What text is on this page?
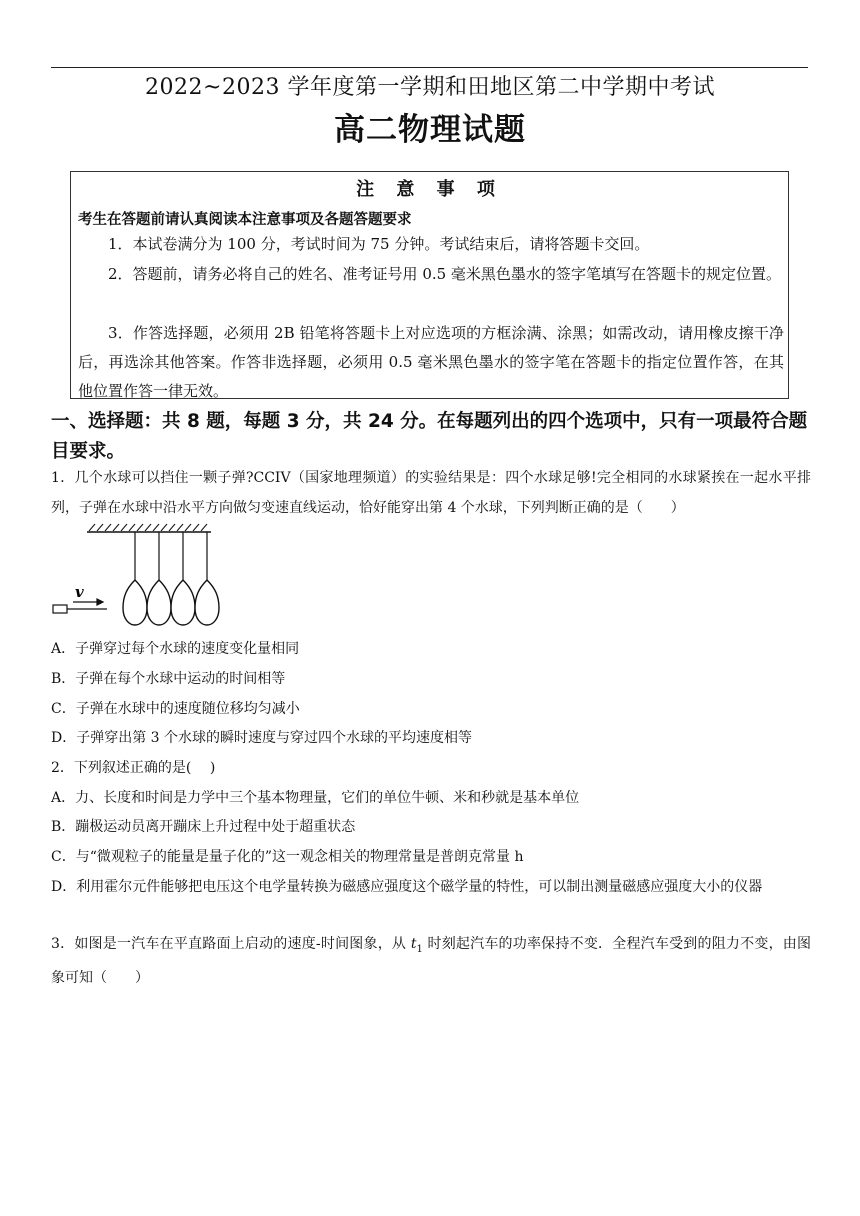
2022~2023 学年度第一学期和田地区第二中学期中考试
高二物理试题
注 意 事 项
考生在答题前请认真阅读本注意事项及各题答题要求
1．本试卷满分为 100 分，考试时间为 75 分钟。考试结束后，请将答题卡交回。
2．答题前，请务必将自己的姓名、准考证号用 0.5 毫米黑色墨水的签字笔填写在答题卡的规定位置。
3．作答选择题，必须用 2B 铅笔将答题卡上对应选项的方框涂满、涂黑；如需改动，请用橡皮擦干净后，再选涂其他答案。作答非选择题，必须用 0.5 毫米黑色墨水的签字笔在答题卡的指定位置作答，在其他位置作答一律无效。
一、选择题：共 8 题，每题 3 分，共 24 分。在每题列出的四个选项中，只有一项最符合题目要求。
1．几个水球可以挡住一颗子弹?CCIV（国家地理频道）的实验结果是：四个水球足够!完全相同的水球紧挨在一起水平排列，子弹在水球中沿水平方向做匀变速直线运动，恰好能穿出第 4 个水球，下列判断正确的是（　　）
v
A．子弹穿过每个水球的速度变化量相同
B．子弹在每个水球中运动的时间相等
C．子弹在水球中的速度随位移均匀减小
D．子弹穿出第 3 个水球的瞬时速度与穿过四个水球的平均速度相等
2．下列叙述正确的是(　 )
A．力、长度和时间是力学中三个基本物理量，它们的单位牛顿、米和秒就是基本单位
B．蹦极运动员离开蹦床上升过程中处于超重状态
C．与“微观粒子的能量是量子化的”这一观念相关的物理常量是普朗克常量 h
D．利用霍尔元件能够把电压这个电学量转换为磁感应强度这个磁学量的特性，可以制出测量磁感应强度大小的仪器
3．如图是一汽车在平直路面上启动的速度-时间图象，从 $t_1$ 时刻起汽车的功率保持不变．全程汽车受到的阻力不变，由图象可知（　　）
